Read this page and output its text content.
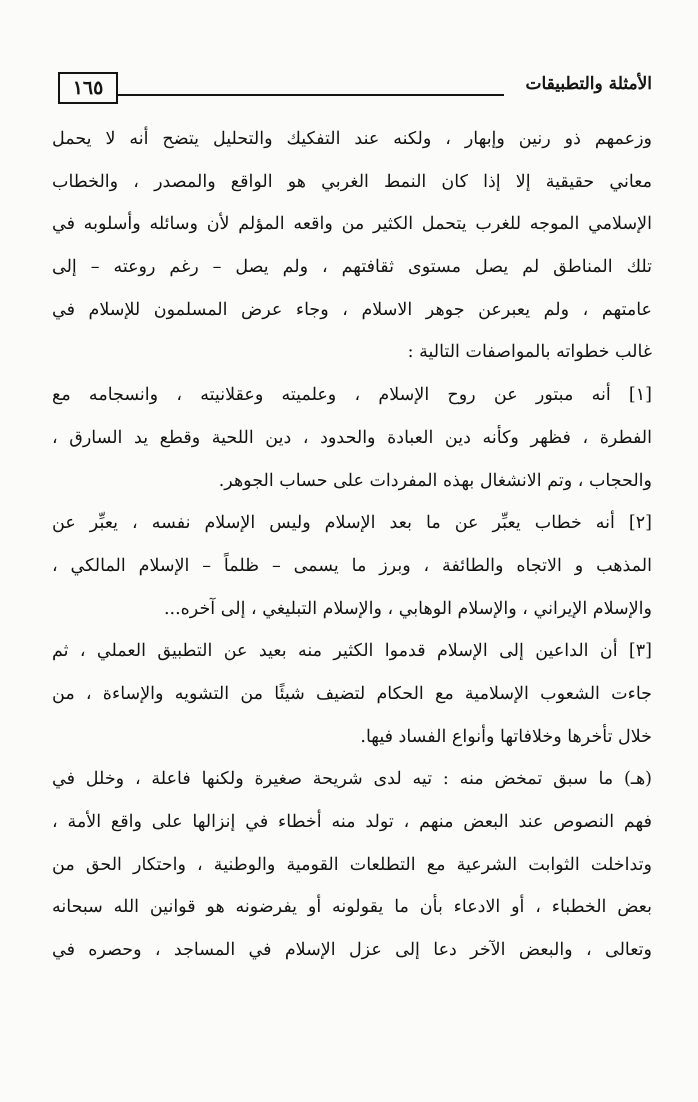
١٦٥	الأمثلة والتطبيقات
وزعمهم ذو رنين وإبهار ، ولكنه عند التفكيك والتحليل يتضح أنه لا يحمل
معاني حقيقية إلا إذا كان النمط الغربي هو الواقع والمصدر ، والخطاب
الإسلامي الموجه للغرب يتحمل الكثير من واقعه المؤلم لأن وسائله وأسلوبه في
تلك المناطق لم يصل مستوى ثقافتهم ، ولم يصل – رغم روعته – إلى
عامتهم ، ولم يعبرعن جوهر الاسلام ، وجاء عرض المسلمون للإسلام في
غالب خطواته بالمواصفات التالية :
[١] أنه مبتور عن روح الإسلام ، وعلميته وعقلانيته ، وانسجامه مع
الفطرة ، فظهر وكأنه دين العبادة والحدود ، دين اللحية وقطع يد السارق ،
والحجاب ، وتم الانشغال بهذه المفردات على حساب الجوهر.
[٢] أنه خطاب يعبِّر عن ما بعد الإسلام وليس الإسلام نفسه ، يعبِّر عن
المذهب و الاتجاه والطائفة ، وبرز ما يسمى – ظلماً – الإسلام المالكي ،
والإسلام الإيراني ، والإسلام الوهابي ، والإسلام التبليغي ، إلى آخره...
[٣] أن الداعين إلى الإسلام قدموا الكثير منه بعيد عن التطبيق العملي ، ثم
جاءت الشعوب الإسلامية مع الحكام لتضيف شيئًا من التشويه والإساءة ، من
خلال تأخرها وخلافاتها وأنواع الفساد فيها.
(هـ) ما سبق تمخض منه : تيه لدى شريحة صغيرة ولكنها فاعلة ، وخلل في
فهم النصوص عند البعض منهم ، تولد منه أخطاء في إنزالها على واقع الأمة ،
وتداخلت الثوابت الشرعية مع التطلعات القومية والوطنية ، واحتكار الحق من
بعض الخطباء ، أو الادعاء بأن ما يقولونه أو يفرضونه هو قوانين الله سبحانه
وتعالى ، والبعض الآخر دعا إلى عزل الإسلام في المساجد ، وحصره في
